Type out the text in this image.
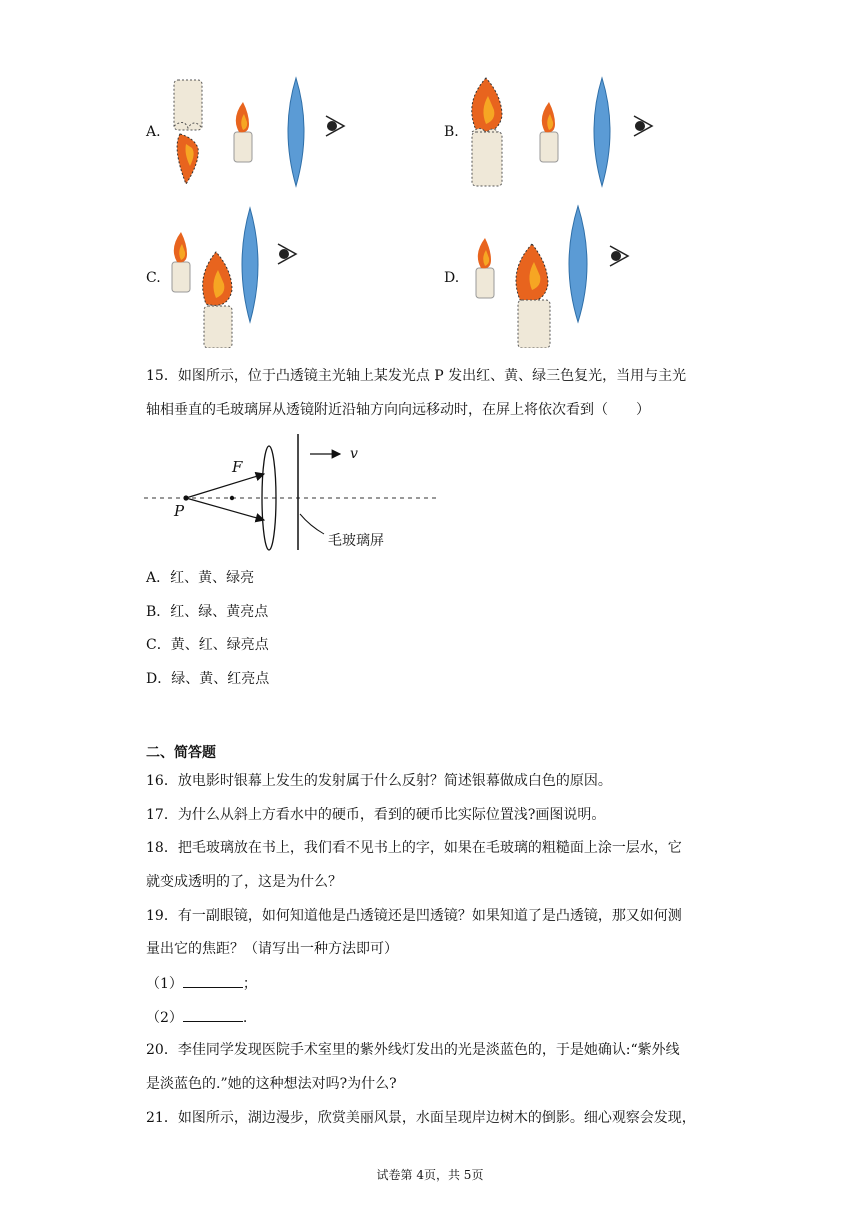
A.	B.
C.	D.
15．如图所示，位于凸透镜主光轴上某发光点 P 发出红、黄、绿三色复光，当用与主光
轴相垂直的毛玻璃屏从透镜附近沿轴方向向远移动时，在屏上将依次看到（　　）
F
P
v
毛玻璃屏
A．红、黄、绿亮
B．红、绿、黄亮点
C．黄、红、绿亮点
D．绿、黄、红亮点
二、简答题
16．放电影时银幕上发生的发射属于什么反射？简述银幕做成白色的原因。
17．为什么从斜上方看水中的硬币，看到的硬币比实际位置浅?画图说明。
18．把毛玻璃放在书上，我们看不见书上的字，如果在毛玻璃的粗糙面上涂一层水，它
就变成透明的了，这是为什么？
19．有一副眼镜，如何知道他是凸透镜还是凹透镜？如果知道了是凸透镜，那又如何测
量出它的焦距？（请写出一种方法即可）
（1）	；
（2）	.
20．李佳同学发现医院手术室里的紫外线灯发出的光是淡蓝色的，于是她确认:“紫外线
是淡蓝色的.”她的这种想法对吗?为什么?
21．如图所示，湖边漫步，欣赏美丽风景，水面呈现岸边树木的倒影。细心观察会发现，
试卷第 4页，共 5页
